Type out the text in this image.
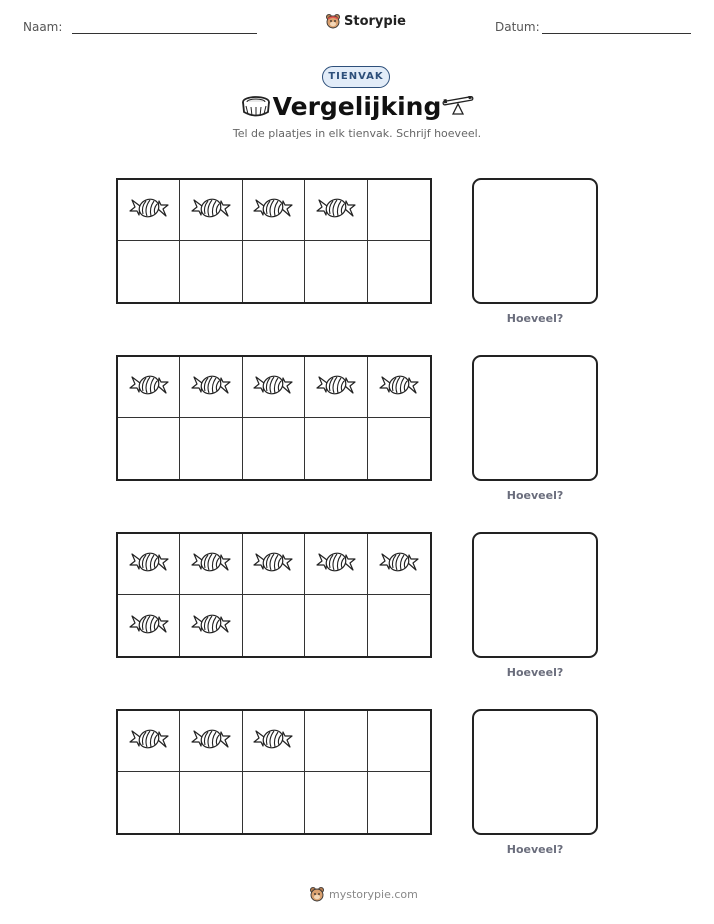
Naam:	Storypie	Datum:
TIENVAK
Vergelijking
Tel de plaatjes in elk tienvak. Schrijf hoeveel.
Hoeveel?
Hoeveel?
Hoeveel?
Hoeveel?
mystorypie.com
